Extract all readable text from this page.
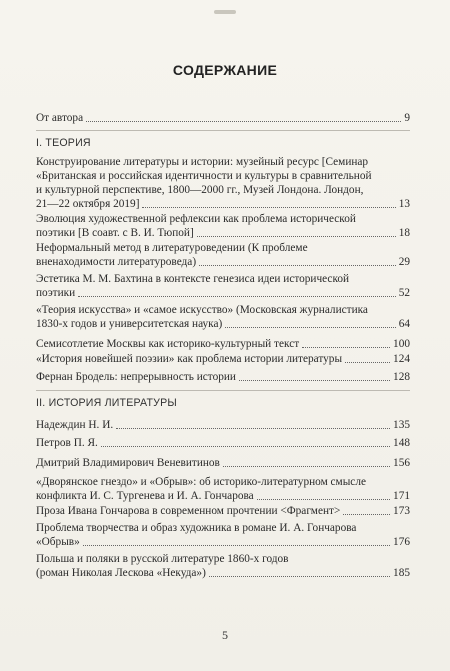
СОДЕРЖАНИЕ
От автора	9
I. ТЕОРИЯ
Конструирование литературы и истории: музейный ресурс [Семинар
«Британская и российская идентичности и культуры в сравнительной
и культурной перспективе, 1800—2000 гг., Музей Лондона. Лондон,
21—22 октября 2019]	13
Эволюция художественной рефлексии как проблема исторической
поэтики [В соавт. с В. И. Тюпой]	18
Неформальный метод в литературоведении (К проблеме
вненаходимости литературоведа)	29
Эстетика М. М. Бахтина в контексте генезиса идеи исторической
поэтики	52
«Теория искусства» и «самое искусство» (Московская журналистика
1830-х годов и университетская наука)	64
Семисотлетие Москвы как историко-культурный текст	100
«История новейшей поэзии» как проблема истории литературы	124
Фернан Бродель: непрерывность истории	128
II. ИСТОРИЯ ЛИТЕРАТУРЫ
Надеждин Н. И.	135
Петров П. Я.	148
Дмитрий Владимирович Веневитинов	156
«Дворянское гнездо» и «Обрыв»: об историко-литературном смысле
конфликта И. С. Тургенева и И. А. Гончарова	171
Проза Ивана Гончарова в современном прочтении <Фрагмент>	173
Проблема творчества и образ художника в романе И. А. Гончарова
«Обрыв»	176
Польша и поляки в русской литературе 1860-х годов
(роман Николая Лескова «Некуда»)	185
5
